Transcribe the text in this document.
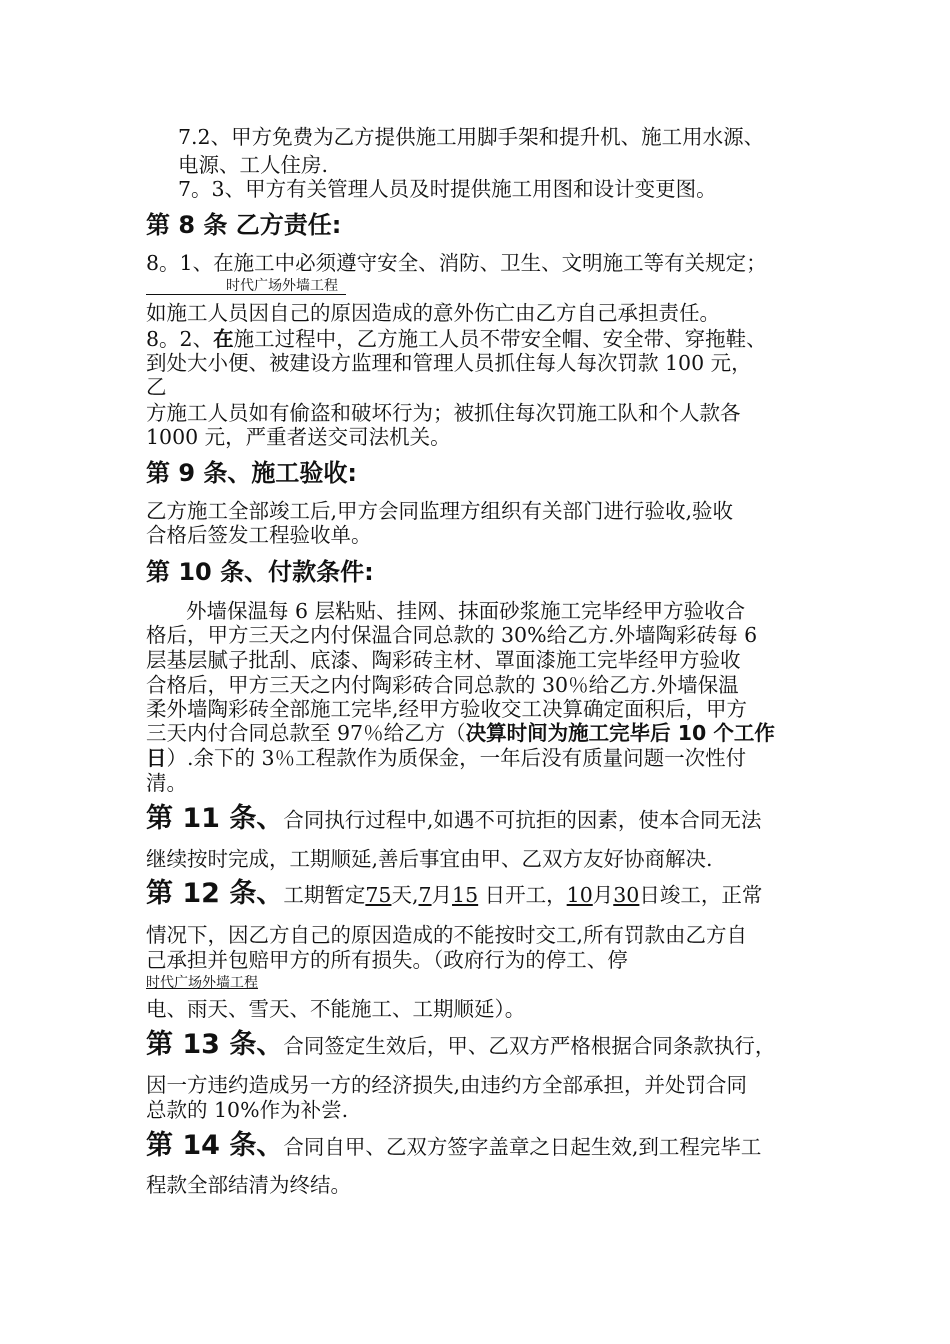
7.2、甲方免费为乙方提供施工用脚手架和提升机、施工用水源、
电源、工人住房.
7。3、甲方有关管理人员及时提供施工用图和设计变更图。
第 8 条 乙方责任:
8。1、在施工中必须遵守安全、消防、卫生、文明施工等有关规定；
时代广场外墙工程
如施工人员因自己的原因造成的意外伤亡由乙方自己承担责任。
8。2、在施工过程中，乙方施工人员不带安全帽、安全带、穿拖鞋、
到处大小便、被建设方监理和管理人员抓住每人每次罚款 100 元，
乙
方施工人员如有偷盗和破坏行为；被抓住每次罚施工队和个人款各
1000 元，严重者送交司法机关。
第 9 条、施工验收:
乙方施工全部竣工后,甲方会同监理方组织有关部门进行验收,验收
合格后签发工程验收单。
第 10 条、付款条件:
外墙保温每 6 层粘贴、挂网、抹面砂浆施工完毕经甲方验收合
格后，甲方三天之内付保温合同总款的 30%给乙方.外墙陶彩砖每 6
层基层腻子批刮、底漆、陶彩砖主材、罩面漆施工完毕经甲方验收
合格后，甲方三天之内付陶彩砖合同总款的 30％给乙方.外墙保温
柔外墙陶彩砖全部施工完毕,经甲方验收交工决算确定面积后，甲方
三天内付合同总款至 97％给乙方（决算时间为施工完毕后 10 个工作
日）.余下的 3％工程款作为质保金，一年后没有质量问题一次性付
清。
第 11 条、合同执行过程中,如遇不可抗拒的因素，使本合同无法
继续按时完成，工期顺延,善后事宜由甲、乙双方友好协商解决.
第 12 条、工期暂定75天,7月15 日开工，10月30日竣工，正常
情况下，因乙方自己的原因造成的不能按时交工,所有罚款由乙方自
己承担并包赔甲方的所有损失。（政府行为的停工、停
时代广场外墙工程
电、雨天、雪天、不能施工、工期顺延）。
第 13 条、合同签定生效后，甲、乙双方严格根据合同条款执行，
因一方违约造成另一方的经济损失,由违约方全部承担，并处罚合同
总款的 10%作为补尝.
第 14 条、合同自甲、乙双方签字盖章之日起生效,到工程完毕工
程款全部结清为终结。
